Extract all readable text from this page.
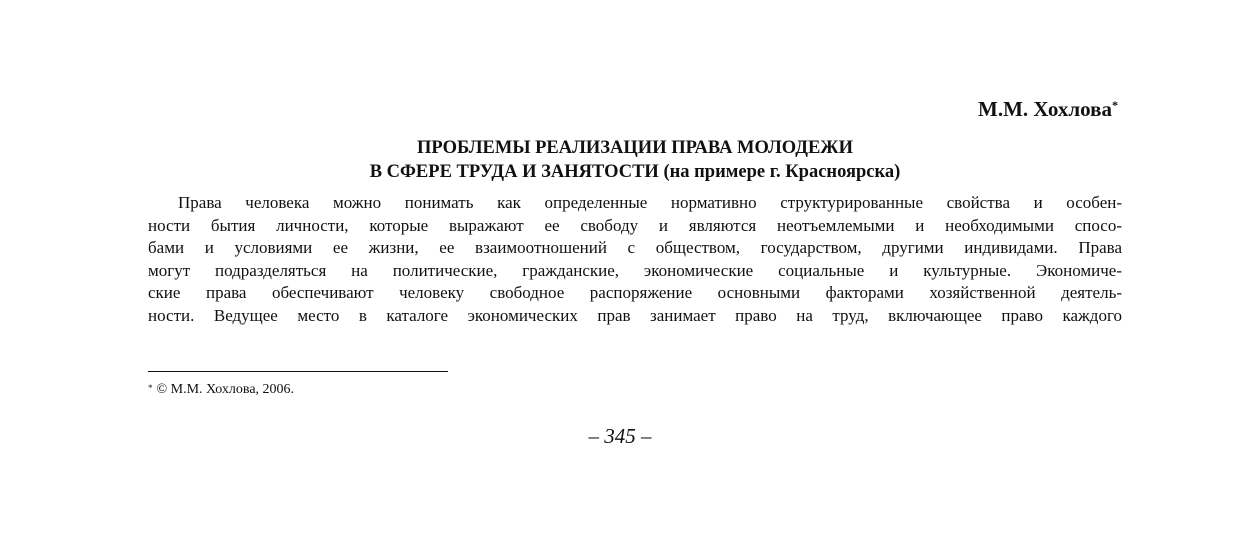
М.М. Хохлова*

ПРОБЛЕМЫ РЕАЛИЗАЦИИ ПРАВА МОЛОДЕЖИ
В СФЕРЕ ТРУДА И ЗАНЯТОСТИ (на примере г. Красноярска)
Права человека можно понимать как определенные нормативно структурированные свойства и особен-
ности бытия личности, которые выражают ее свободу и являются неотъемлемыми и необходимыми спосо-
бами и условиями ее жизни, ее взаимоотношений с обществом, государством, другими индивидами. Права
могут подразделяться на политические, гражданские, экономические социальные и культурные. Экономиче-
ские права обеспечивают человеку свободное распоряжение основными факторами хозяйственной деятель-
ности. Ведущее место в каталоге экономических прав занимает право на труд, включающее право каждого
* © М.М. Хохлова, 2006.
– 345 –
